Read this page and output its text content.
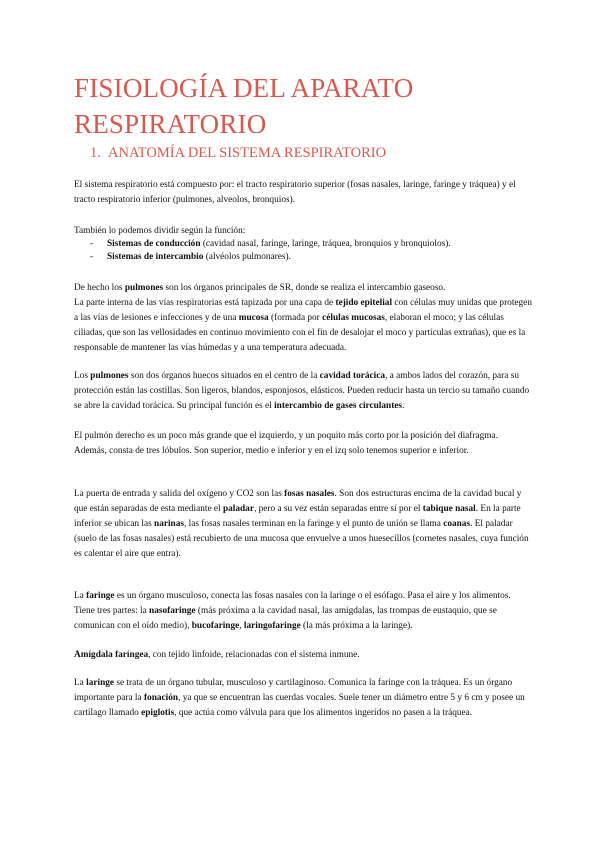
FISIOLOGÍA DEL APARATO RESPIRATORIO
1. ANATOMÍA DEL SISTEMA RESPIRATORIO

El sistema respiratorio está compuesto por: el tracto respiratorio superior (fosas nasales, laringe, faringe y tráquea) y el tracto respiratorio inferior (pulmones, alveolos, bronquios).

También lo podemos dividir según la función:

- Sistemas de conducción (cavidad nasal, faringe, laringe, tráquea, bronquios y bronquiolos).
- Sistemas de intercambio (alvéolos pulmonares).

De hecho los pulmones son los órganos principales de SR, donde se realiza el intercambio gaseoso.

La parte interna de las vías respiratorias está tapizada por una capa de tejido epitelial con células muy unidas que protegen a las vías de lesiones e infecciones y de una mucosa (formada por células mucosas, elaboran el moco; y las células ciliadas, que son las vellosidades en continuo movimiento con el fin de desalojar el moco y partículas extrañas), que es la responsable de mantener las vías húmedas y a una temperatura adecuada.

Los pulmones son dos órganos huecos situados en el centro de la cavidad torácica, a ambos lados del corazón, para su protección están las costillas. Son ligeros, blandos, esponjosos, elásticos. Pueden reducir hasta un tercio su tamaño cuando se abre la cavidad torácica. Su principal función es el intercambio de gases circulantes.

El pulmón derecho es un poco más grande que el izquierdo, y un poquito más corto por la posición del diafragma. Además, consta de tres lóbulos. Son superior, medio e inferior y en el izq solo tenemos superior e inferior.

La puerta de entrada y salida del oxígeno y CO2 son las fosas nasales. Son dos estructuras encima de la cavidad bucal y que están separadas de esta mediante el paladar, pero a su vez están separadas entre sí por el tabique nasal. En la parte inferior se ubican las narinas, las fosas nasales terminan en la faringe y el punto de unión se llama coanas. El paladar (suelo de las fosas nasales) está recubierto de una mucosa que envuelve a unos huesecillos (cornetes nasales, cuya función es calentar el aire que entra).

La faringe es un órgano musculoso, conecta las fosas nasales con la laringe o el esófago. Pasa el aire y los alimentos. Tiene tres partes: la nasofaringe (más próxima a la cavidad nasal, las amígdalas, las trompas de eustaquio, que se comunican con el oído medio), bucofaringe, laringofaringe (la más próxima a la laringe).

Amígdala faríngea, con tejido linfoide, relacionadas con el sistema inmune.

La laringe se trata de un órgano tubular, musculoso y cartilaginoso. Comunica la faringe con la tráquea. Es un órgano importante para la fonación, ya que se encuentran las cuerdas vocales. Suele tener un diámetro entre 5 y 6 cm y posee un cartílago llamado epiglotis, que actúa como válvula para que los alimentos ingeridos no pasen a la tráquea.
